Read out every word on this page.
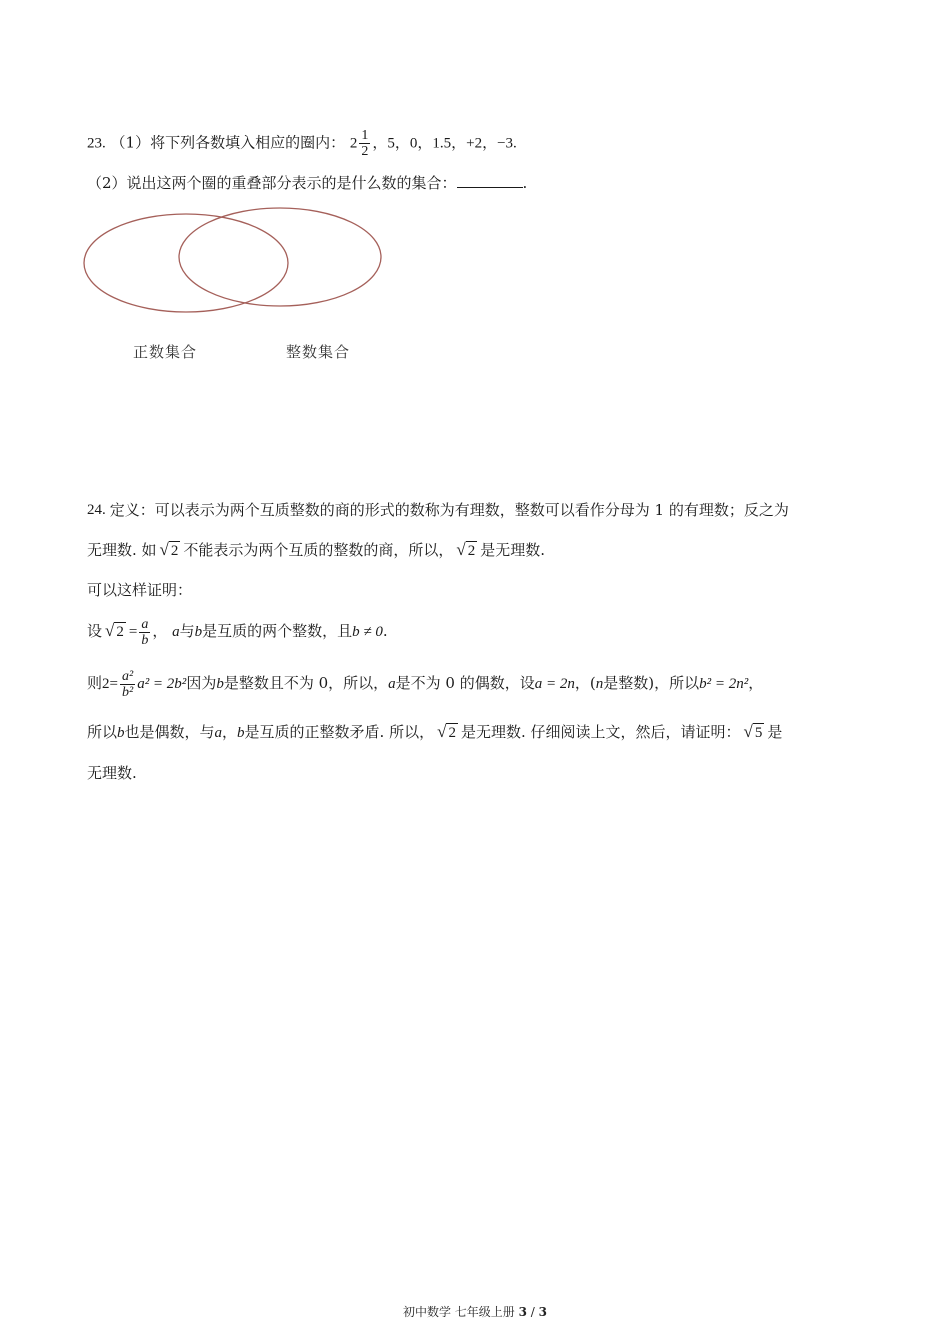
23. （1）将下列各数填入相应的圈内： $2 \frac{1}{2}$ ，5，0，1.5，+2，−3.
（2）说出这两个圈的重叠部分表示的是什么数的集合：	.
正数集合	整数集合
24. 定义：可以表示为两个互质整数的商的形式的数称为有理数，整数可以看作分母为 1 的有理数；反之为
无理数. 如 √ 2 不能表示为两个互质的整数的商，所以， √ 2 是无理数.
可以这样证明：
设 √ $2 = \frac{a}{b}$ ， a与b是互质的两个整数，且b ≠ 0.
则$2= \frac{\text{a²}}{\text{b²}} a^2 = 2b^2$因为b是整数且不为 0，所以，a是不为 0 的偶数，设a = 2n，(n是整数)，所以b² = 2n²，
所以b也是偶数，与a，b是互质的正整数矛盾. 所以， √ 2 是无理数. 仔细阅读上文，然后，请证明： √ 5 是
无理数.
初中数学 七年级上册 3 / 3
